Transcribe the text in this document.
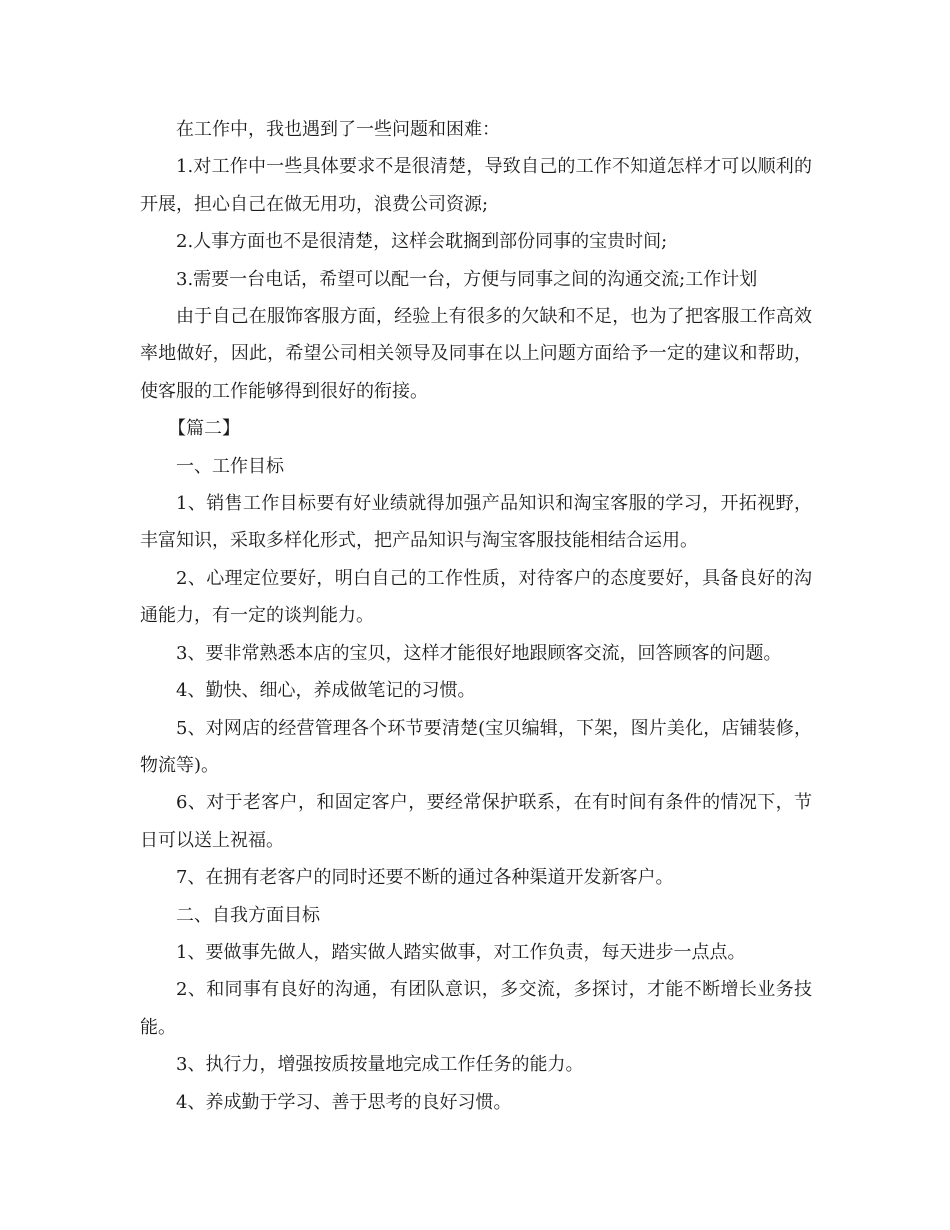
在工作中，我也遇到了一些问题和困难：

1.对工作中一些具体要求不是很清楚，导致自己的工作不知道怎样才可以顺利的开展，担心自己在做无用功，浪费公司资源;

2.人事方面也不是很清楚，这样会耽搁到部份同事的宝贵时间;

3.需要一台电话，希望可以配一台，方便与同事之间的沟通交流;工作计划

由于自己在服饰客服方面，经验上有很多的欠缺和不足，也为了把客服工作高效率地做好，因此，希望公司相关领导及同事在以上问题方面给予一定的建议和帮助，使客服的工作能够得到很好的衔接。

【篇二】

一、工作目标

1、销售工作目标要有好业绩就得加强产品知识和淘宝客服的学习，开拓视野，丰富知识，采取多样化形式，把产品知识与淘宝客服技能相结合运用。

2、心理定位要好，明白自己的工作性质，对待客户的态度要好，具备良好的沟通能力，有一定的谈判能力。

3、要非常熟悉本店的宝贝，这样才能很好地跟顾客交流，回答顾客的问题。

4、勤快、细心，养成做笔记的习惯。

5、对网店的经营管理各个环节要清楚(宝贝编辑，下架，图片美化，店铺装修，物流等)。

6、对于老客户，和固定客户，要经常保护联系，在有时间有条件的情况下，节日可以送上祝福。

7、在拥有老客户的同时还要不断的通过各种渠道开发新客户。

二、自我方面目标

1、要做事先做人，踏实做人踏实做事，对工作负责，每天进步一点点。

2、和同事有良好的沟通，有团队意识，多交流，多探讨，才能不断增长业务技能。

3、执行力，增强按质按量地完成工作任务的能力。

4、养成勤于学习、善于思考的良好习惯。
